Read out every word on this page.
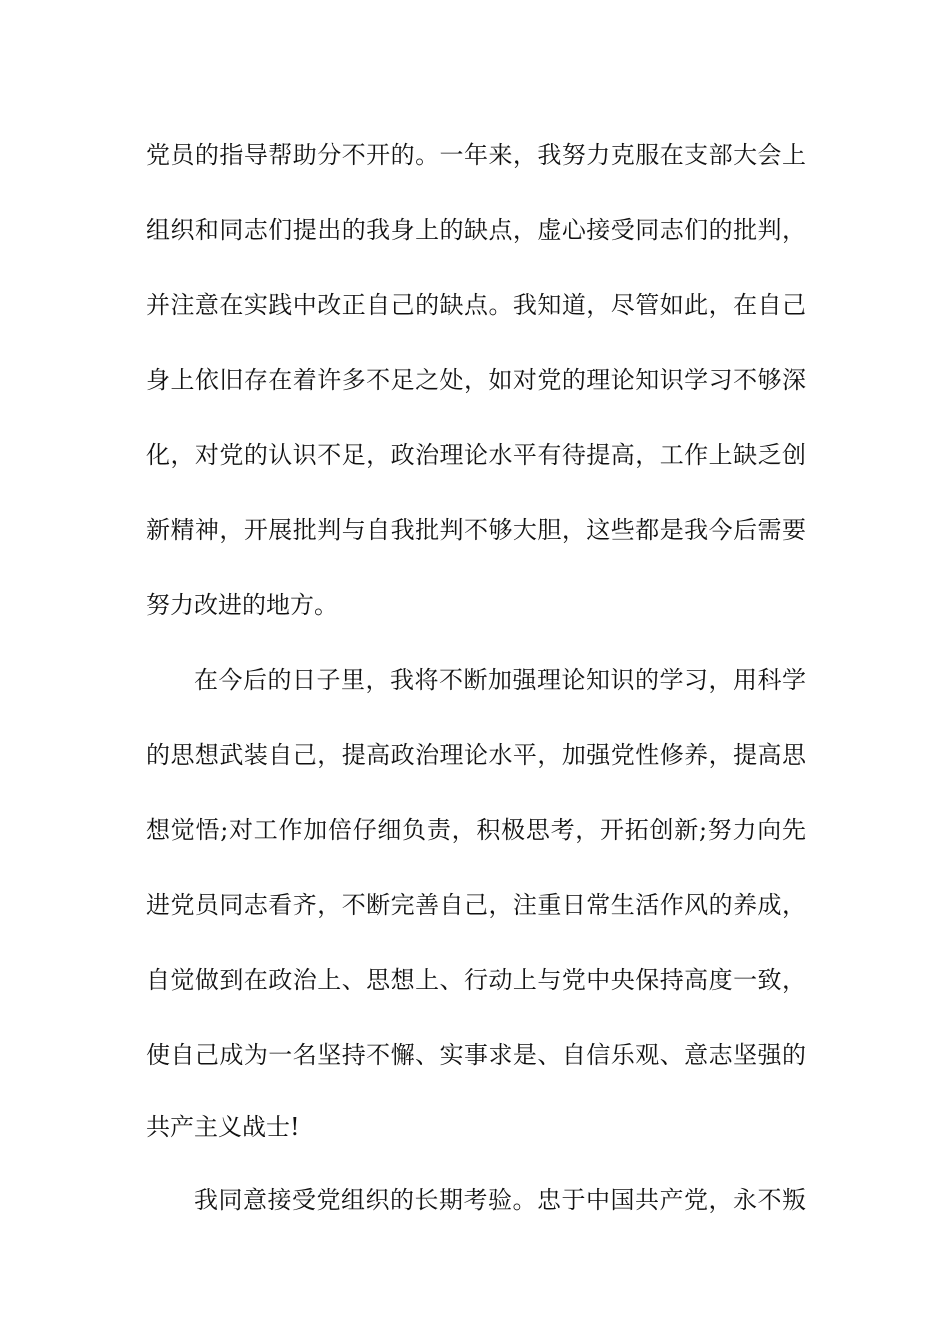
党员的指导帮助分不开的。一年来，我努力克服在支部大会上

组织和同志们提出的我身上的缺点，虚心接受同志们的批判，

并注意在实践中改正自己的缺点。我知道，尽管如此，在自己

身上依旧存在着许多不足之处，如对党的理论知识学习不够深

化，对党的认识不足，政治理论水平有待提高，工作上缺乏创

新精神，开展批判与自我批判不够大胆，这些都是我今后需要

努力改进的地方。

在今后的日子里，我将不断加强理论知识的学习，用科学

的思想武装自己，提高政治理论水平，加强党性修养，提高思

想觉悟;对工作加倍仔细负责，积极思考，开拓创新;努力向先

进党员同志看齐，不断完善自己，注重日常生活作风的养成，

自觉做到在政治上、思想上、行动上与党中央保持高度一致，

使自己成为一名坚持不懈、实事求是、自信乐观、意志坚强的

共产主义战士!

我同意接受党组织的长期考验。忠于中国共产党，永不叛
